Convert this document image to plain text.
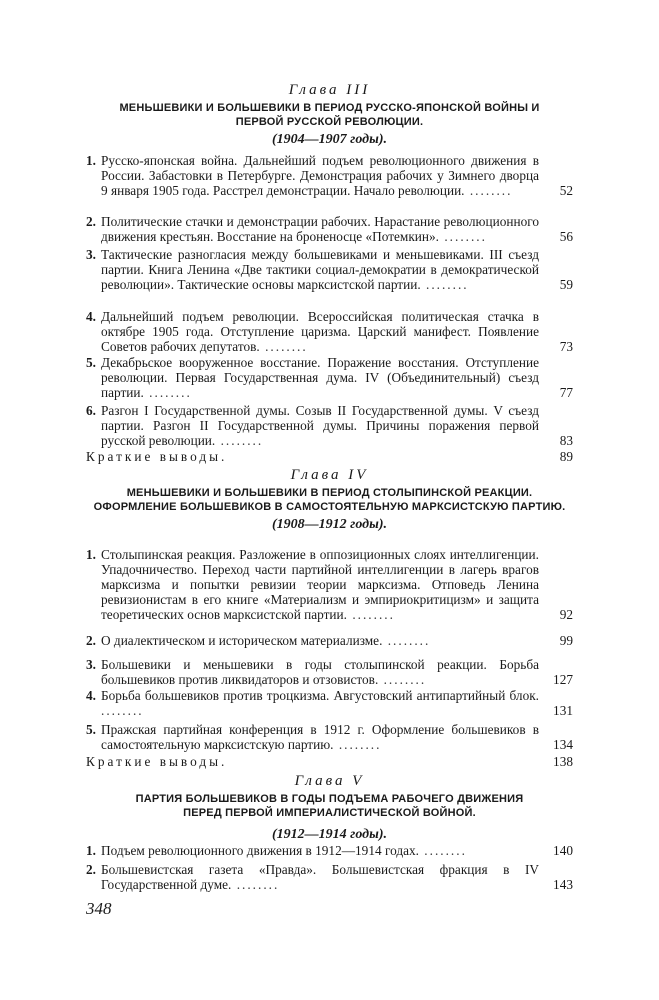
Глава III
МЕНЬШЕВИКИ И БОЛЬШЕВИКИ В ПЕРИОД РУССКО-ЯПОНСКОЙ ВОЙНЫ И ПЕРВОЙ РУССКОЙ РЕВОЛЮЦИИ.
(1904—1907 годы).
1. Русско-японская война. Дальнейший подъем революционного движения в России. Забастовки в Петербурге. Демонстрация рабочих у Зимнего дворца 9 января 1905 года. Расстрел демонстрации. Начало революции. ........	52
2. Политические стачки и демонстрации рабочих. Нарастание революционного движения крестьян. Восстание на броненосце «Потемкин». ........	56
3. Тактические разногласия между большевиками и меньшевиками. III съезд партии. Книга Ленина «Две тактики социал-демократии в демократической революции». Тактические основы марксистской партии. ........	59
4. Дальнейший подъем революции. Всероссийская политическая стачка в октябре 1905 года. Отступление царизма. Царский манифест. Появление Советов рабочих депутатов. ........	73
5. Декабрьское вооруженное восстание. Поражение восстания. Отступление революции. Первая Государственная дума. IV (Объединительный) съезд партии. ........	77
6. Разгон I Государственной думы. Созыв II Государственной думы. V съезд партии. Разгон II Государственной думы. Причины поражения первой русской революции. ........	83
Краткие выводы.	89
Глава IV
МЕНЬШЕВИКИ И БОЛЬШЕВИКИ В ПЕРИОД СТОЛЫПИНСКОЙ РЕАКЦИИ. ОФОРМЛЕНИЕ БОЛЬШЕВИКОВ В САМОСТОЯТЕЛЬНУЮ МАРКСИСТСКУЮ ПАРТИЮ.
(1908—1912 годы).
1. Столыпинская реакция. Разложение в оппозиционных слоях интеллигенции. Упадочничество. Переход части партийной интеллигенции в лагерь врагов марксизма и попытки ревизии теории марксизма. Отповедь Ленина ревизионистам в его книге «Материализм и эмпириокритицизм» и защита теоретических основ марксистской партии. ........	92
2. О диалектическом и историческом материализме. ........	99
3. Большевики и меньшевики в годы столыпинской реакции. Борьба большевиков против ликвидаторов и отзовистов. ........	127
4. Борьба большевиков против троцкизма. Августовский антипартийный блок. ........	131
5. Пражская партийная конференция в 1912 г. Оформление большевиков в самостоятельную марксистскую партию. ........	134
Краткие выводы.	138
Глава V
ПАРТИЯ БОЛЬШЕВИКОВ В ГОДЫ ПОДЪЕМА РАБОЧЕГО ДВИЖЕНИЯ ПЕРЕД ПЕРВОЙ ИМПЕРИАЛИСТИЧЕСКОЙ ВОЙНОЙ.
(1912—1914 годы).
1. Подъем революционного движения в 1912—1914 годах. ........	140
2. Большевистская газета «Правда». Большевистская фракция в IV Государственной думе. ........	143
348
